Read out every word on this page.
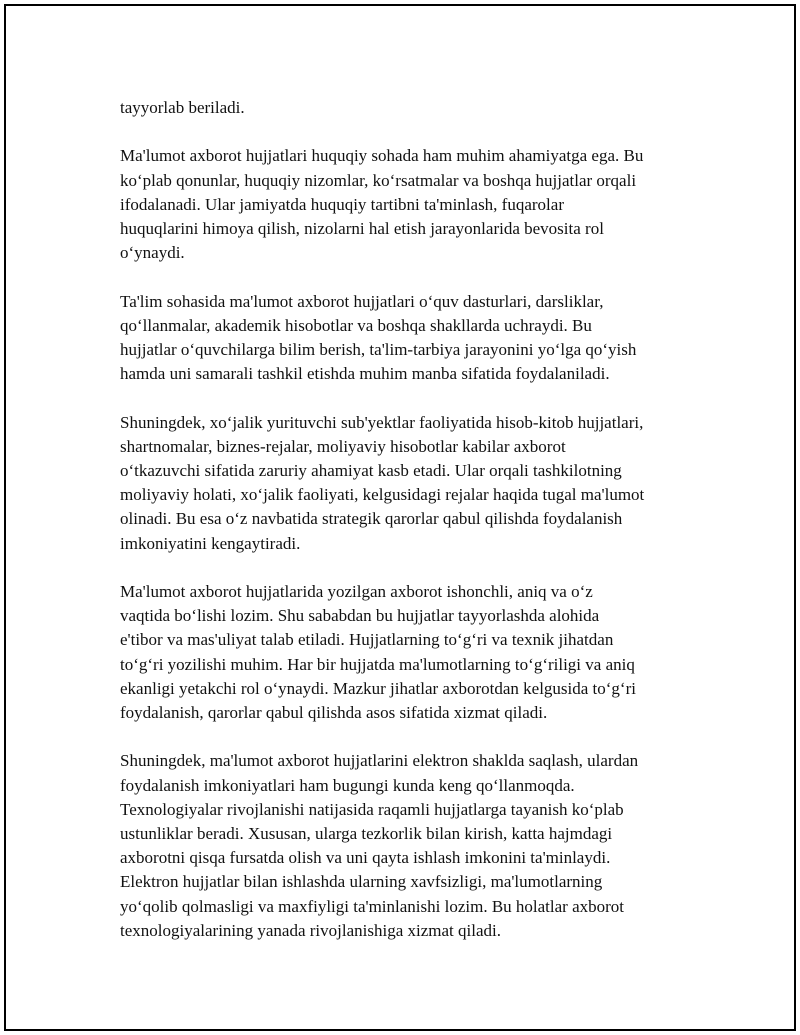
tayyorlab beriladi.

Ma'lumot axborot hujjatlari huquqiy sohada ham muhim ahamiyatga ega. Bu
ko‘plab qonunlar, huquqiy nizomlar, ko‘rsatmalar va boshqa hujjatlar orqali
ifodalanadi. Ular jamiyatda huquqiy tartibni ta'minlash, fuqarolar
huquqlarini himoya qilish, nizolarni hal etish jarayonlarida bevosita rol
o‘ynaydi.

Ta'lim sohasida ma'lumot axborot hujjatlari o‘quv dasturlari, darsliklar,
qo‘llanmalar, akademik hisobotlar va boshqa shakllarda uchraydi. Bu
hujjatlar o‘quvchilarga bilim berish, ta'lim-tarbiya jarayonini yo‘lga qo‘yish
hamda uni samarali tashkil etishda muhim manba sifatida foydalaniladi.

Shuningdek, xo‘jalik yurituvchi sub'yektlar faoliyatida hisob-kitob hujjatlari,
shartnomalar, biznes-rejalar, moliyaviy hisobotlar kabilar axborot
o‘tkazuvchi sifatida zaruriy ahamiyat kasb etadi. Ular orqali tashkilotning
moliyaviy holati, xo‘jalik faoliyati, kelgusidagi rejalar haqida tugal ma'lumot
olinadi. Bu esa o‘z navbatida strategik qarorlar qabul qilishda foydalanish
imkoniyatini kengaytiradi.

Ma'lumot axborot hujjatlarida yozilgan axborot ishonchli, aniq va o‘z
vaqtida bo‘lishi lozim. Shu sababdan bu hujjatlar tayyorlashda alohida
e'tibor va mas'uliyat talab etiladi. Hujjatlarning to‘g‘ri va texnik jihatdan
to‘g‘ri yozilishi muhim. Har bir hujjatda ma'lumotlarning to‘g‘riligi va aniq
ekanligi yetakchi rol o‘ynaydi. Mazkur jihatlar axborotdan kelgusida to‘g‘ri
foydalanish, qarorlar qabul qilishda asos sifatida xizmat qiladi.

Shuningdek, ma'lumot axborot hujjatlarini elektron shaklda saqlash, ulardan
foydalanish imkoniyatlari ham bugungi kunda keng qo‘llanmoqda.
Texnologiyalar rivojlanishi natijasida raqamli hujjatlarga tayanish ko‘plab
ustunliklar beradi. Xususan, ularga tezkorlik bilan kirish, katta hajmdagi
axborotni qisqa fursatda olish va uni qayta ishlash imkonini ta'minlaydi.
Elektron hujjatlar bilan ishlashda ularning xavfsizligi, ma'lumotlarning
yo‘qolib qolmasligi va maxfiyligi ta'minlanishi lozim. Bu holatlar axborot
texnologiyalarining yanada rivojlanishiga xizmat qiladi.
